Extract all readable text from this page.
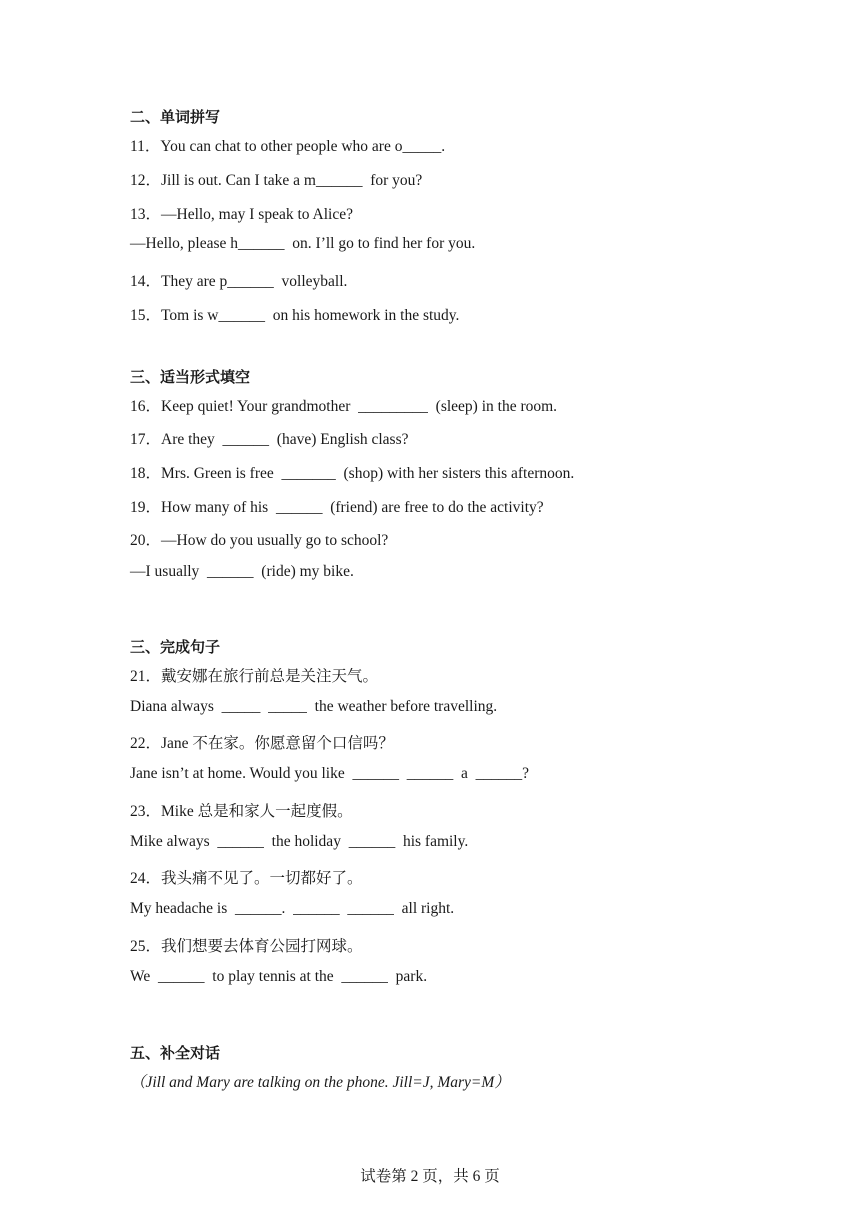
二、单词拼写
11．You can chat to other people who are o_____.
12．Jill is out. Can I take a m______  for you?
13．—Hello, may I speak to Alice?
—Hello, please h______  on. I’ll go to find her for you.
14．They are p______  volleyball.
15．Tom is w______  on his homework in the study.
三、适当形式填空
16．Keep quiet! Your grandmother  _________  (sleep) in the room.
17．Are they  ______  (have) English class?
18．Mrs. Green is free  _______  (shop) with her sisters this afternoon.
19．How many of his  ______  (friend) are free to do the activity?
20．—How do you usually go to school?
—I usually  ______  (ride) my bike.
三、完成句子
21．戴安娜在旅行前总是关注天气。
Diana always  _____  _____  the weather before travelling.
22．Jane 不在家。你愿意留个口信吗？
Jane isn’t at home. Would you like  ______  ______  a  ______?
23．Mike 总是和家人一起度假。
Mike always  ______  the holiday  ______  his family.
24．我头痛不见了。一切都好了。
My headache is  ______.  ______  ______  all right.
25．我们想要去体育公园打网球。
We  ______  to play tennis at the  ______  park.
五、补全对话
（Jill and Mary are talking on the phone. Jill=J, Mary=M）
试卷第 2 页，共 6 页
